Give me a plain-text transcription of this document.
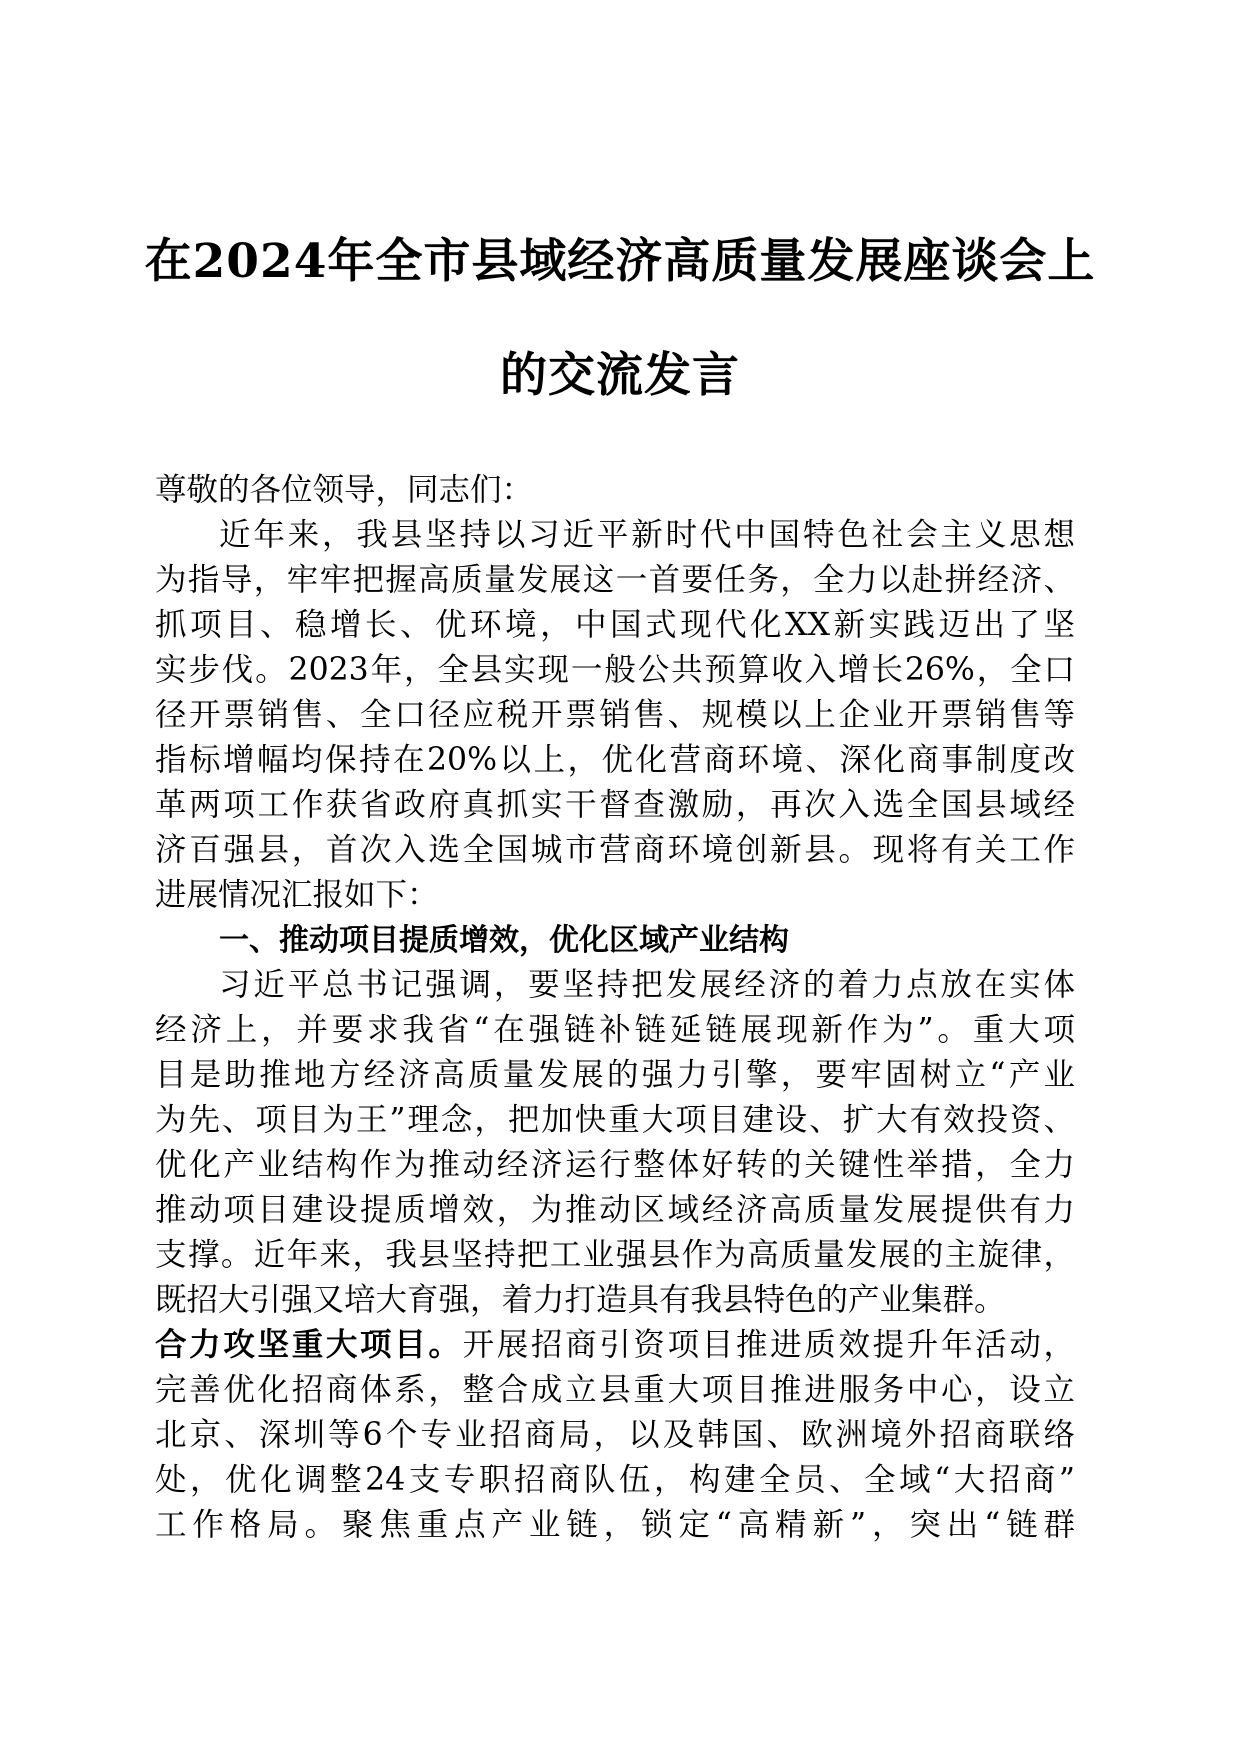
在2024年全市县域经济高质量发展座谈会上
的交流发言
尊敬的各位领导，同志们：
近年来，我县坚持以习近平新时代中国特色社会主义思想
为指导，牢牢把握高质量发展这一首要任务，全力以赴拼经济、
抓项目、稳增长、优环境，中国式现代化XX新实践迈出了坚
实步伐。2023年，全县实现一般公共预算收入增长26%，全口
径开票销售、全口径应税开票销售、规模以上企业开票销售等
指标增幅均保持在20%以上，优化营商环境、深化商事制度改
革两项工作获省政府真抓实干督查激励，再次入选全国县域经
济百强县，首次入选全国城市营商环境创新县。现将有关工作
进展情况汇报如下：
一、推动项目提质增效，优化区域产业结构
习近平总书记强调，要坚持把发展经济的着力点放在实体
经济上，并要求我省“在强链补链延链展现新作为”。重大项
目是助推地方经济高质量发展的强力引擎，要牢固树立“产业
为先、项目为王”理念，把加快重大项目建设、扩大有效投资、
优化产业结构作为推动经济运行整体好转的关键性举措，全力
推动项目建设提质增效，为推动区域经济高质量发展提供有力
支撑。近年来，我县坚持把工业强县作为高质量发展的主旋律，
既招大引强又培大育强，着力打造具有我县特色的产业集群。
合力攻坚重大项目。开展招商引资项目推进质效提升年活动，
完善优化招商体系，整合成立县重大项目推进服务中心，设立
北京、深圳等6个专业招商局，以及韩国、欧洲境外招商联络
处，优化调整24支专职招商队伍，构建全员、全域“大招商”
工作格局。聚焦重点产业链，锁定“高精新”，突出“链群
